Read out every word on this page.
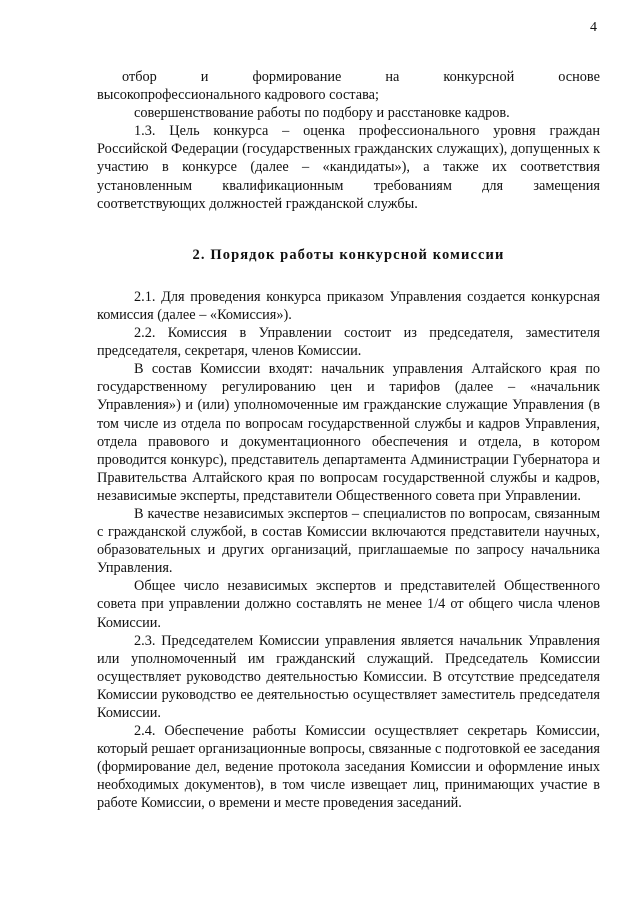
4
отбор	и	формирование	на	конкурсной	основе

высокопрофессионального кадрового состава;

совершенствование работы по подбору и расстановке кадров.

1.3. Цель конкурса – оценка профессионального уровня граждан Российской Федерации (государственных гражданских служащих), допущенных к участию в конкурсе (далее – «кандидаты»), а также их соответствия установленным квалификационным требованиям для замещения соответствующих должностей гражданской службы.

2. Порядок работы конкурсной комиссии

2.1. Для проведения конкурса приказом Управления создается конкурсная комиссия (далее – «Комиссия»).

2.2. Комиссия в Управлении состоит из председателя, заместителя председателя, секретаря, членов Комиссии.

В состав Комиссии входят: начальник управления Алтайского края по государственному регулированию цен и тарифов (далее – «начальник Управления») и (или) уполномоченные им гражданские служащие Управления (в том числе из отдела по вопросам государственной службы и кадров Управления, отдела правового и документационного обеспечения и отдела, в котором проводится конкурс), представитель департамента Администрации Губернатора и Правительства Алтайского края по вопросам государственной службы и кадров, независимые эксперты, представители Общественного совета при Управлении.

В качестве независимых экспертов – специалистов по вопросам, связанным с гражданской службой, в состав Комиссии включаются представители научных, образовательных и других организаций, приглашаемые по запросу начальника Управления.

Общее число независимых экспертов и представителей Общественного совета при управлении должно составлять не менее 1/4 от общего числа членов Комиссии.

2.3. Председателем Комиссии управления является начальник Управления или уполномоченный им гражданский служащий. Председатель Комиссии осуществляет руководство деятельностью Комиссии. В отсутствие председателя Комиссии руководство ее деятельностью осуществляет заместитель председателя Комиссии.

2.4. Обеспечение работы Комиссии осуществляет секретарь Комиссии, который решает организационные вопросы, связанные с подготовкой ее заседания (формирование дел, ведение протокола заседания Комиссии и оформление иных необходимых документов), в том числе извещает лиц, принимающих участие в работе Комиссии, о времени и месте проведения заседаний.
